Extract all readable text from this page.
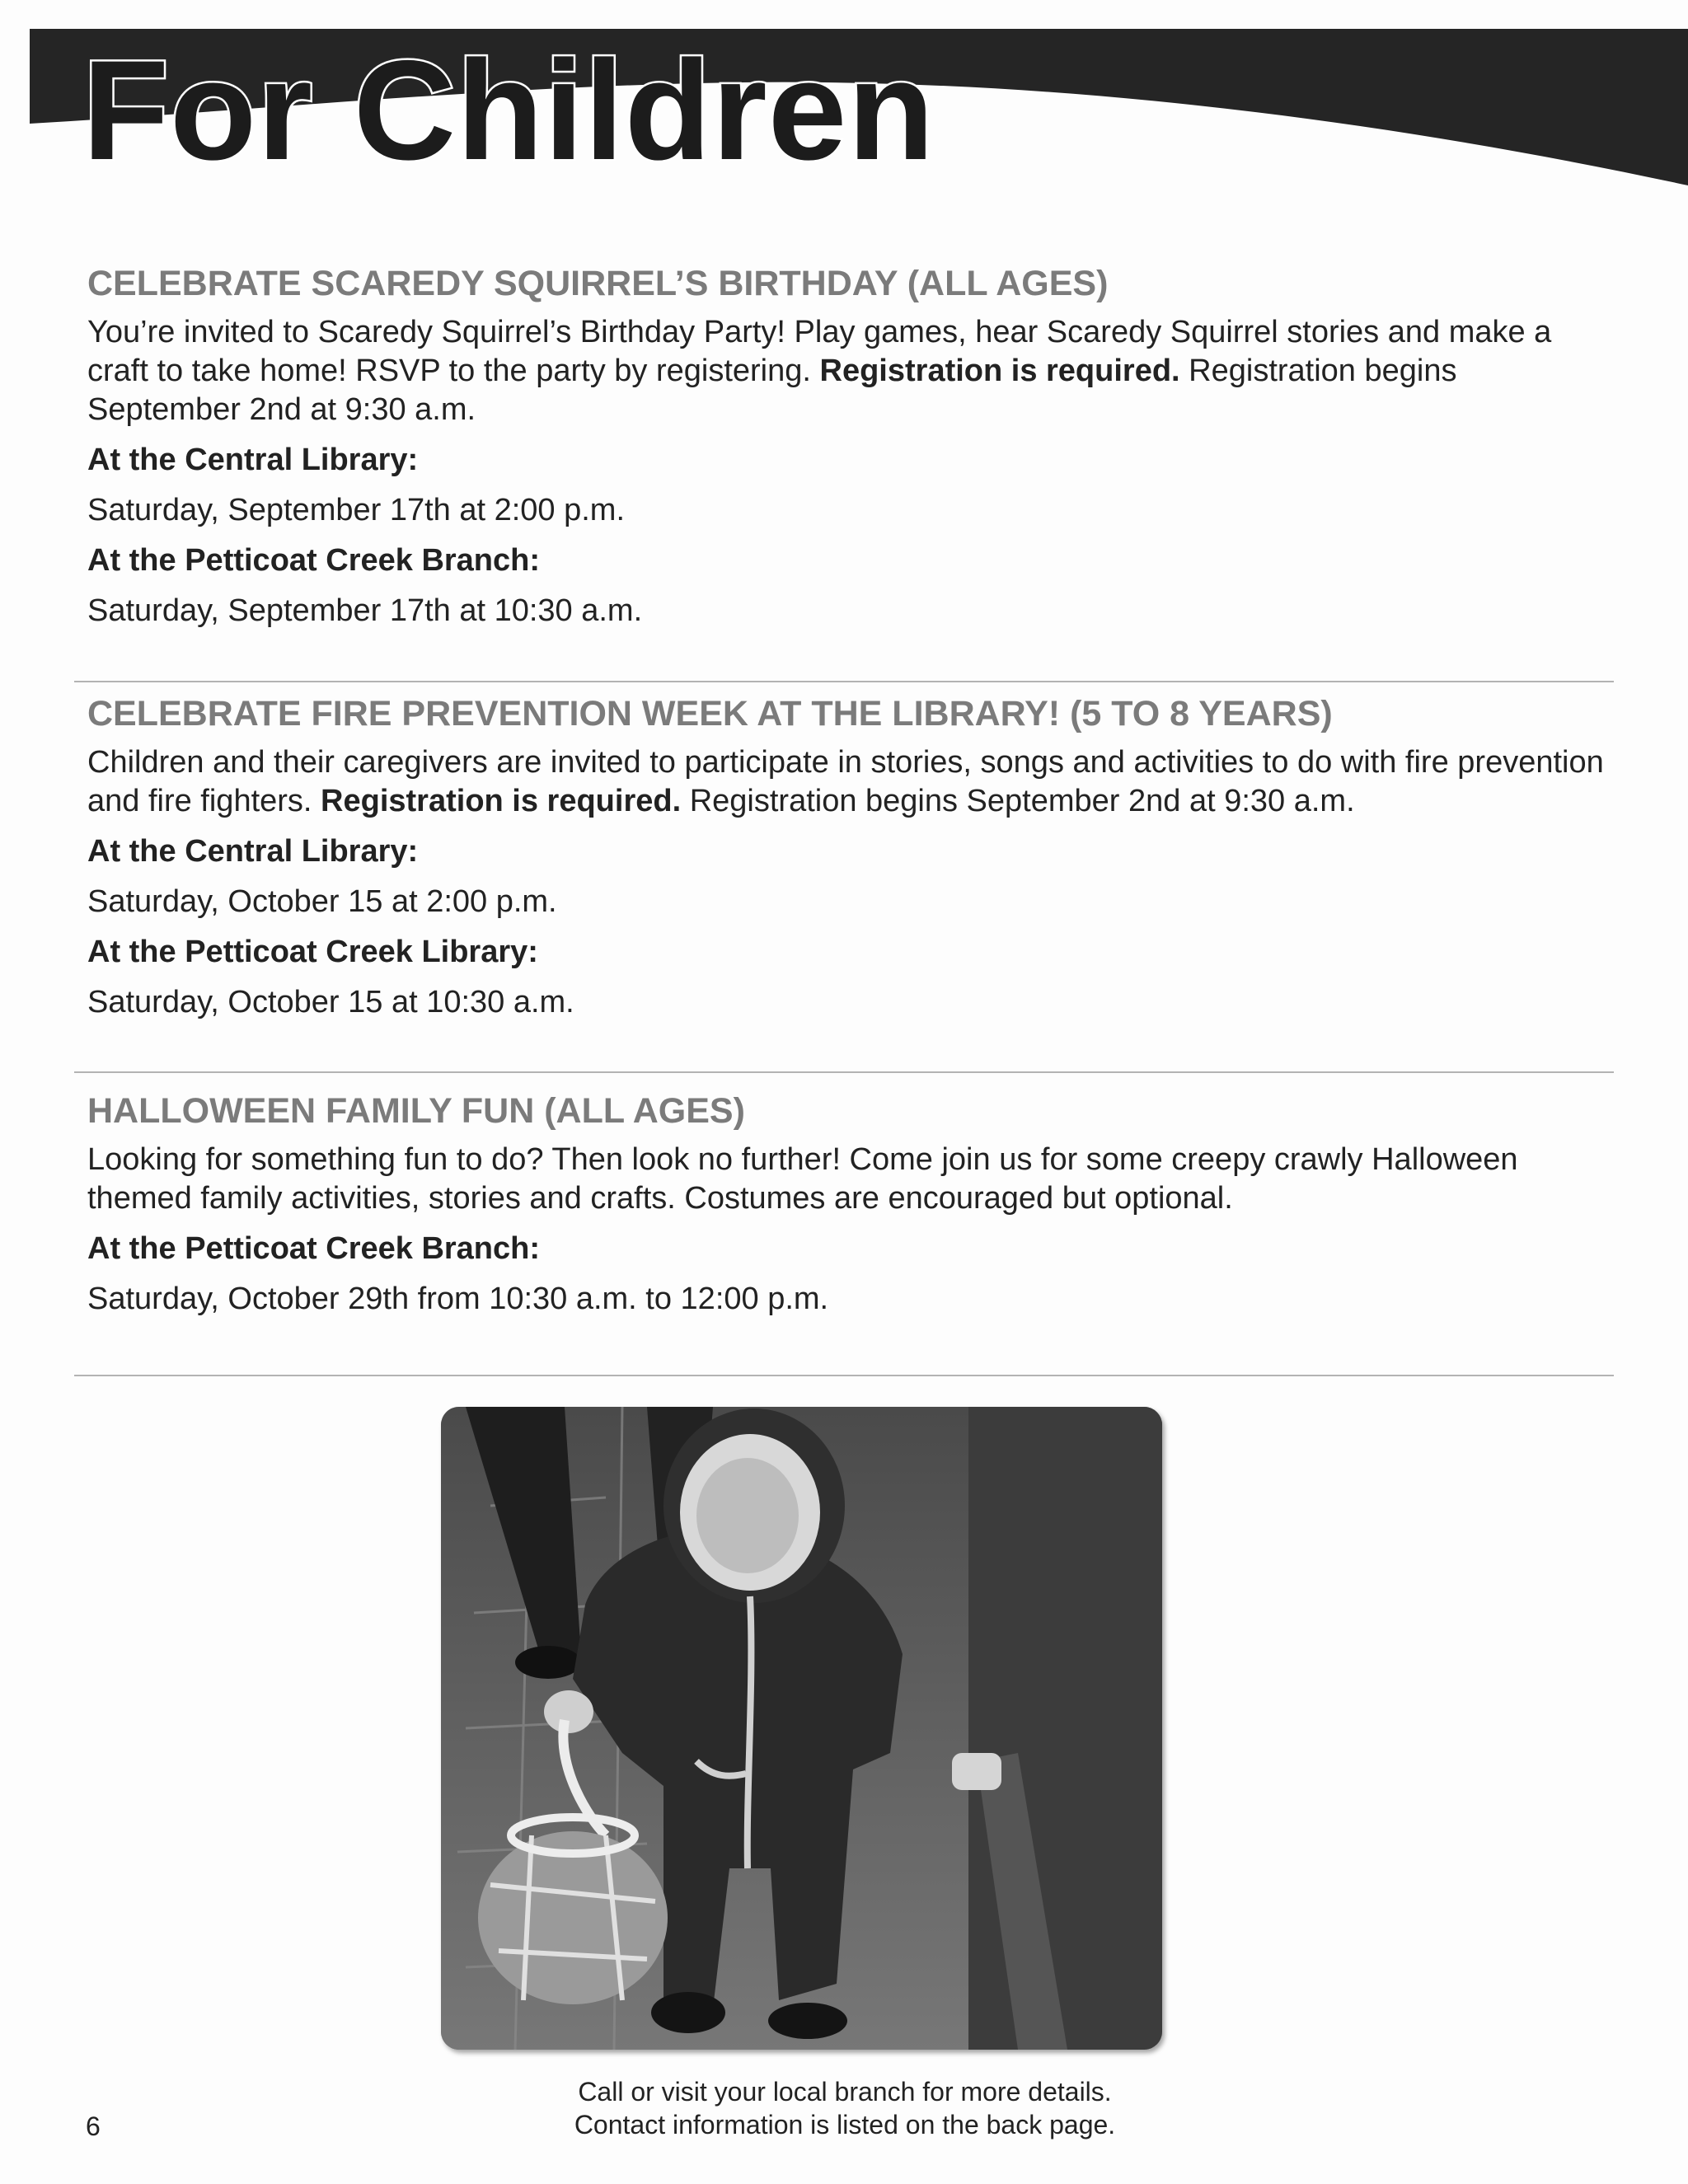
For Children
CELEBRATE SCAREDY SQUIRREL’S BIRTHDAY (ALL AGES)

You’re invited to Scaredy Squirrel’s Birthday Party! Play games, hear Scaredy Squirrel stories and make a craft to take home! RSVP to the party by registering. Registration is required. Registration begins September 2nd at 9:30 a.m.

At the Central Library:

Saturday, September 17th at 2:00 p.m.

At the Petticoat Creek Branch:

Saturday, September 17th at 10:30 a.m.

CELEBRATE FIRE PREVENTION WEEK AT THE LIBRARY! (5 TO 8 YEARS)

Children and their caregivers are invited to participate in stories, songs and activities to do with fire prevention and fire fighters. Registration is required. Registration begins September 2nd at 9:30 a.m.

At the Central Library:

Saturday, October 15 at 2:00 p.m.

At the Petticoat Creek Library:

Saturday, October 15 at 10:30 a.m.

HALLOWEEN FAMILY FUN (ALL AGES)

Looking for something fun to do? Then look no further! Come join us for some creepy crawly Halloween themed family activities, stories and crafts. Costumes are encouraged but optional.

At the Petticoat Creek Branch:

Saturday, October 29th from 10:30 a.m. to 12:00 p.m.

Call or visit your local branch for more details.
Contact information is listed on the back page.
6
